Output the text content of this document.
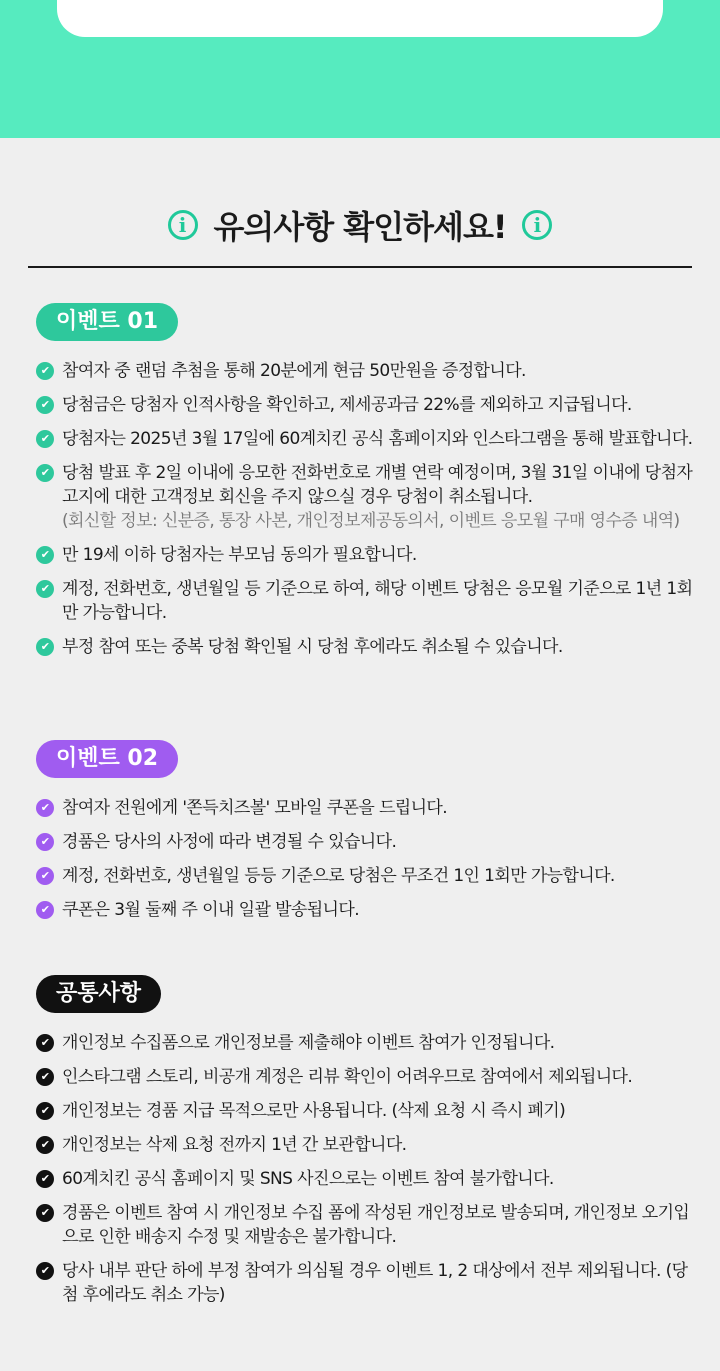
i 유의사항 확인하세요!	i
이벤트 01
✔ 참여자 중 랜덤 추첨을 통해 20분에게 현금 50만원을 증정합니다.
✔ 당첨금은 당첨자 인적사항을 확인하고, 제세공과금 22%를 제외하고 지급됩니다.
✔ 당첨자는 2025년 3월 17일에 60계치킨 공식 홈페이지와 인스타그램을 통해 발표합니다.
✔ 당첨 발표 후 2일 이내에 응모한 전화번호로 개별 연락 예정이며, 3월 31일 이내에 당첨자 고지에 대한 고객정보 회신을 주지 않으실 경우 당첨이 취소됩니다.
(회신할 정보: 신분증, 통장 사본, 개인정보제공동의서, 이벤트 응모월 구매 영수증 내역)
✔ 만 19세 이하 당첨자는 부모님 동의가 필요합니다.
✔ 계정, 전화번호, 생년월일 등 기준으로 하여, 해당 이벤트 당첨은 응모월 기준으로 1년 1회만 가능합니다.
✔ 부정 참여 또는 중복 당첨 확인될 시 당첨 후에라도 취소될 수 있습니다.
이벤트 02
✔ 참여자 전원에게 '쫀득치즈볼' 모바일 쿠폰을 드립니다.
✔ 경품은 당사의 사정에 따라 변경될 수 있습니다.
✔ 계정, 전화번호, 생년월일 등등 기준으로 당첨은 무조건 1인 1회만 가능합니다.
✔ 쿠폰은 3월 둘째 주 이내 일괄 발송됩니다.
공통사항
✔ 개인정보 수집폼으로 개인정보를 제출해야 이벤트 참여가 인정됩니다.
✔ 인스타그램 스토리, 비공개 계정은 리뷰 확인이 어려우므로 참여에서 제외됩니다.
✔ 개인정보는 경품 지급 목적으로만 사용됩니다. (삭제 요청 시 즉시 폐기)
✔ 개인정보는 삭제 요청 전까지 1년 간 보관합니다.
✔ 60계치킨 공식 홈페이지 및 SNS 사진으로는 이벤트 참여 불가합니다.
✔ 경품은 이벤트 참여 시 개인정보 수집 폼에 작성된 개인정보로 발송되며, 개인정보 오기입으로 인한 배송지 수정 및 재발송은 불가합니다.
✔ 당사 내부 판단 하에 부정 참여가 의심될 경우 이벤트 1, 2 대상에서 전부 제외됩니다. (당첨 후에라도 취소 가능)
